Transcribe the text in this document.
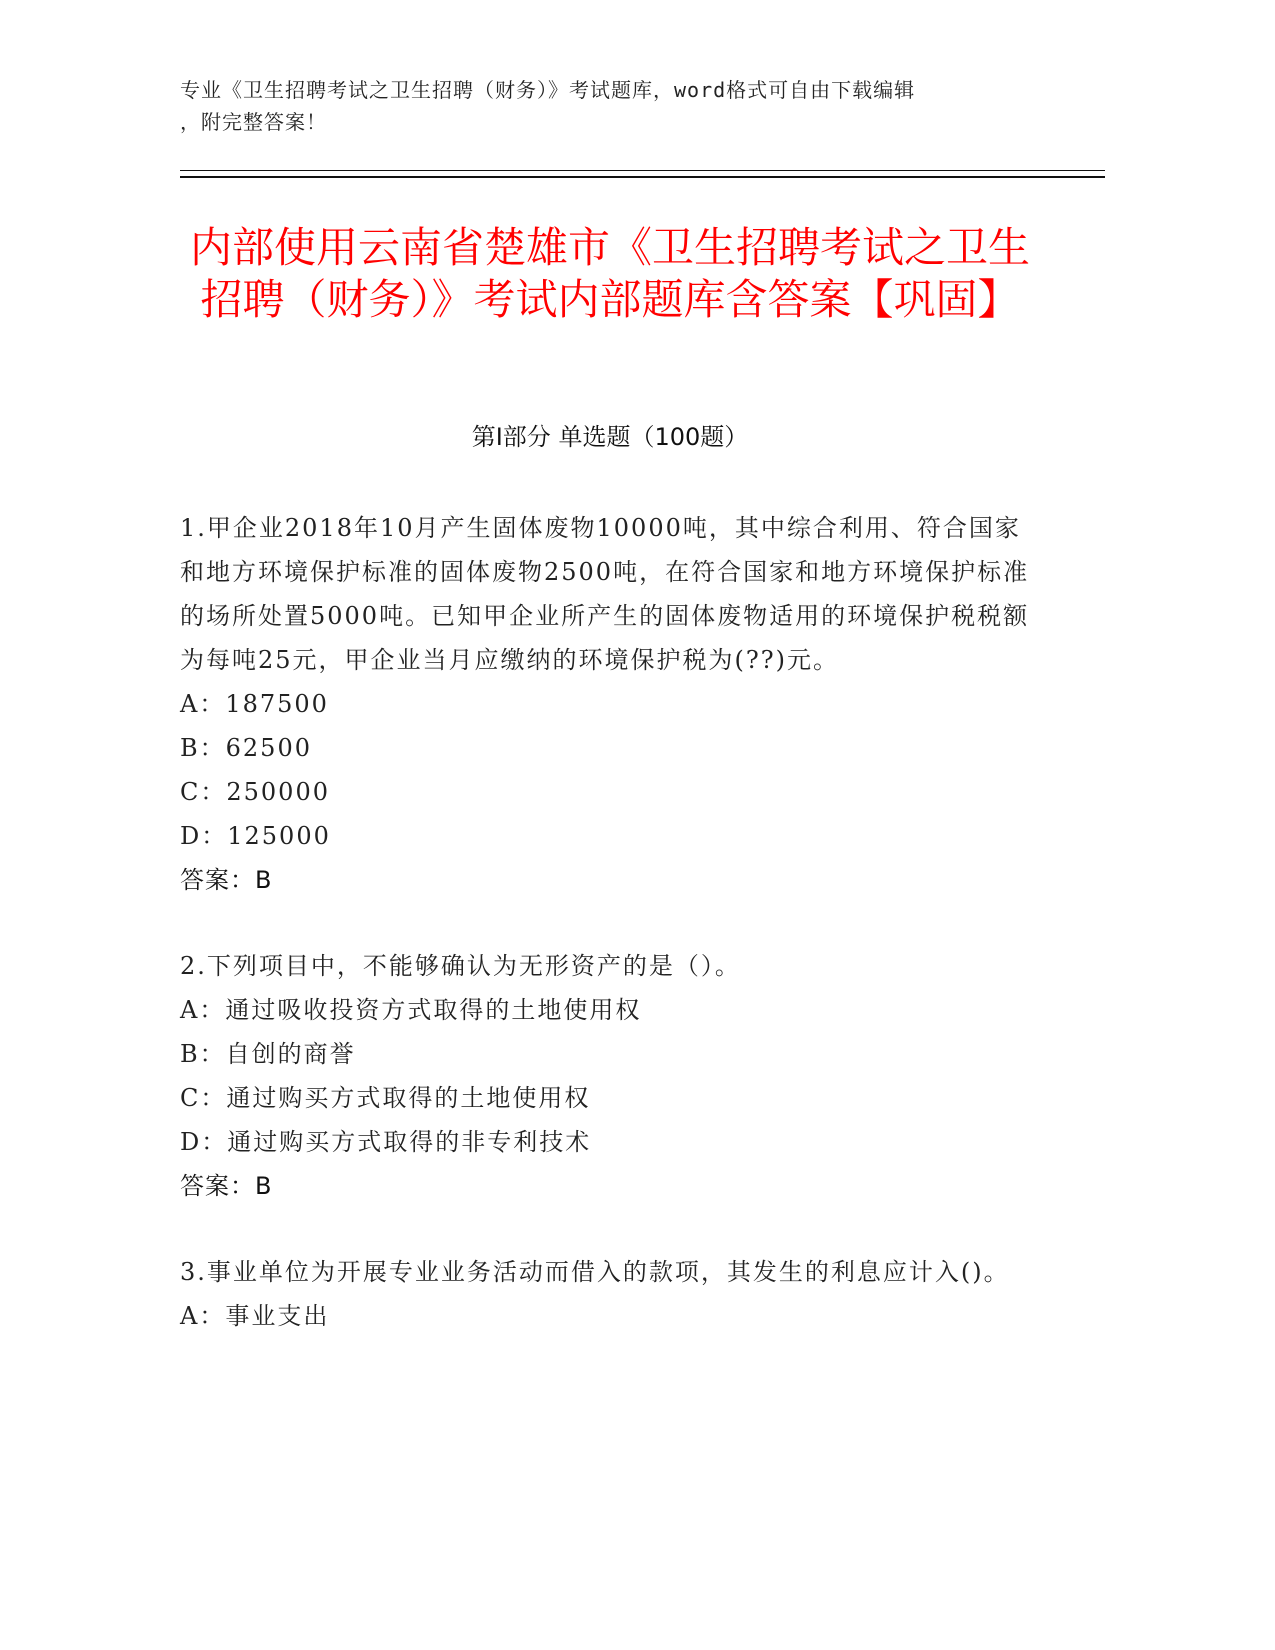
专业《卫生招聘考试之卫生招聘（财务）》考试题库，word格式可自由下载编辑
，附完整答案！
内部使用云南省楚雄市《卫生招聘考试之卫生招聘（财务）》考试内部题库含答案【巩固】
第Ⅰ部分 单选题（100题）
1.甲企业2018年10月产生固体废物10000吨，其中综合利用、符合国家和地方环境保护标准的固体废物2500吨，在符合国家和地方环境保护标准的场所处置5000吨。已知甲企业所产生的固体废物适用的环境保护税税额为每吨25元，甲企业当月应缴纳的环境保护税为(??)元。
A：187500
B：62500
C：250000
D：125000
答案：B
2.下列项目中，不能够确认为无形资产的是（）。
A：通过吸收投资方式取得的土地使用权
B：自创的商誉
C：通过购买方式取得的土地使用权
D：通过购买方式取得的非专利技术
答案：B
3.事业单位为开展专业业务活动而借入的款项，其发生的利息应计入()。
A：事业支出
